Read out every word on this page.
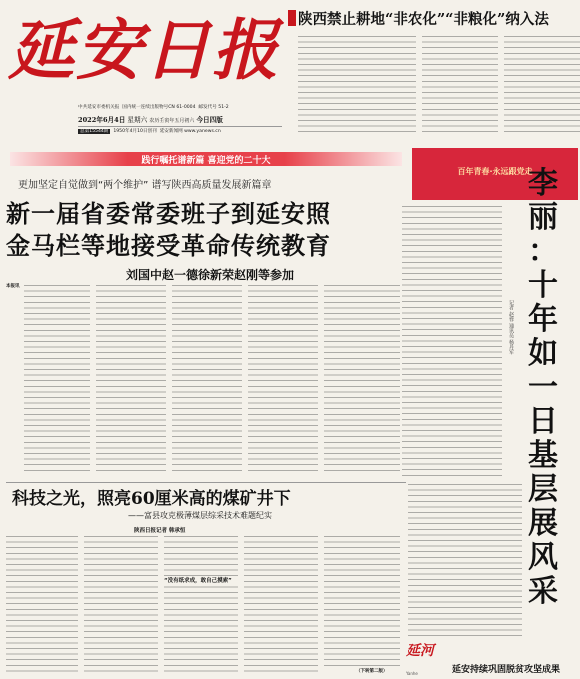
延安日报
中共延安市委机关报 国内统一连续出版物号CN 61-0004 邮发代号 51-2
2022年6月4日 星期六 农历壬寅年五月初六 今日四版
总第15544期 1950年4月10日创刊 延安新闻网 www.yanews.cn
陕西禁止耕地“非农化”“非粮化”纳入法
践行嘱托谱新篇 喜迎党的二十大
百年青春·永远跟党走
更加坚定自觉做到“两个维护” 谱写陕西高质量发展新篇章
新一届省委常委班子到延安照
金马栏等地接受革命传统教育
刘国中赵一德徐新荣赵刚等参加
本报讯
李
丽
：
十
年
如
一
日
基
层
展
风
采
记者 赵蓉 通讯员 杨丹军
科技之光，照亮60厘米高的煤矿井下
——富县攻克极薄煤层综采技术难题纪实
陕西日报记者 韩承恒
“没有纸求成，敢自己摸索”
（下转第二版）
延河
Yanhe	延安持续巩固脱贫攻坚成果
